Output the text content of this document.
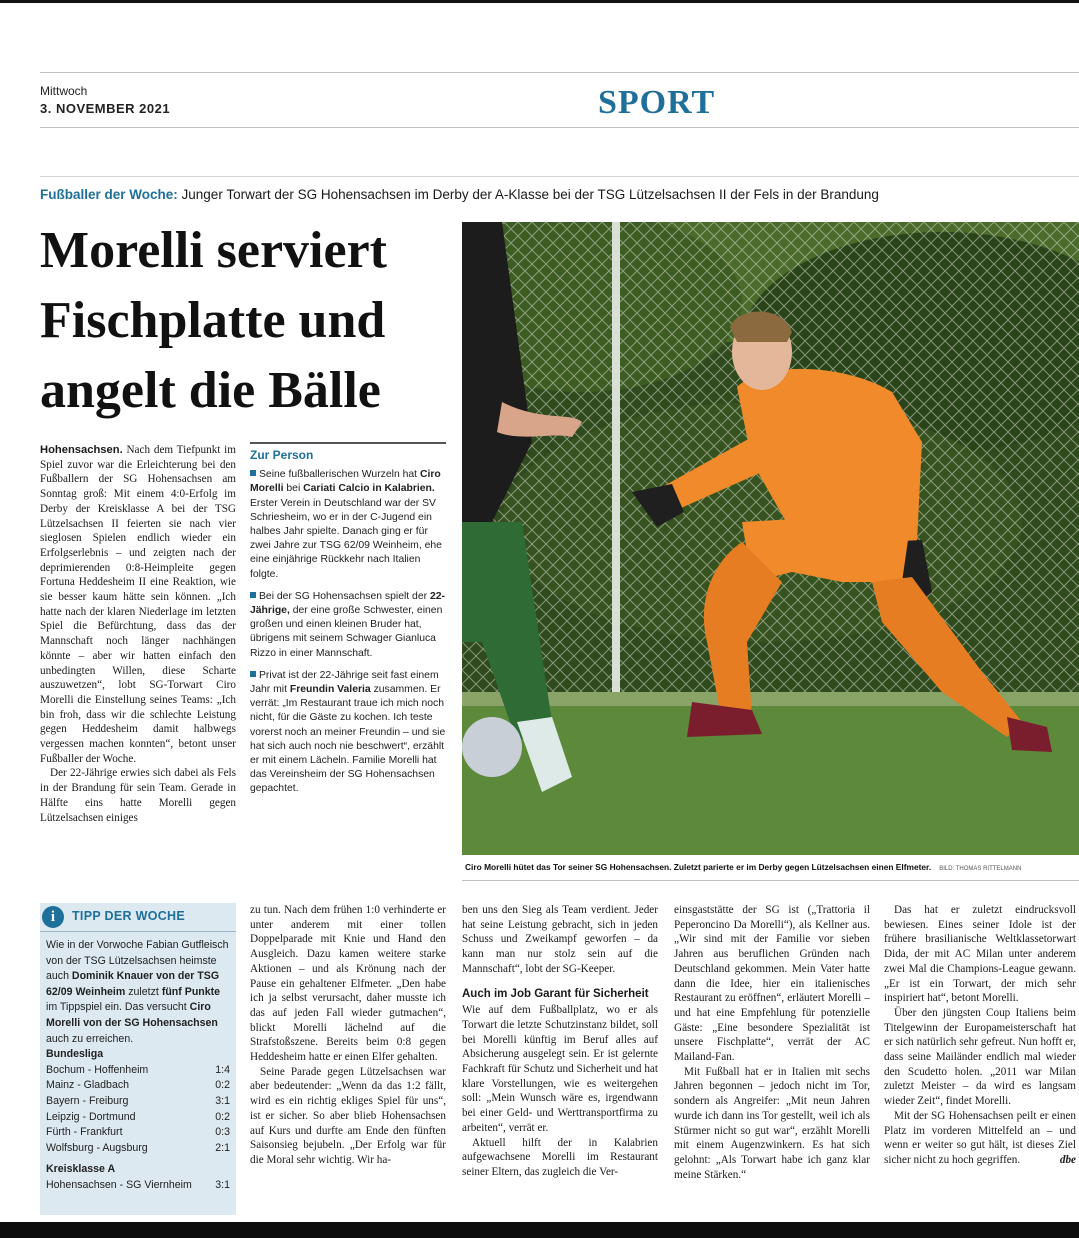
Mittwoch
3. NOVEMBER 2021	SPORT
Fußballer der Woche: Junger Torwart der SG Hohensachsen im Derby der A-Klasse bei der TSG Lützelsachsen II der Fels in der Brandung
Morelli serviert Fischplatte und angelt die Bälle

Hohensachsen. Nach dem Tiefpunkt im Spiel zuvor war die Erleichterung bei den Fußballern der SG Hohensachsen am Sonntag groß: Mit einem 4:0-Erfolg im Derby der Kreisklasse A bei der TSG Lützelsachsen II feierten sie nach vier sieglosen Spielen endlich wieder ein Erfolgserlebnis – und zeigten nach der deprimierenden 0:8-Heimpleite gegen Fortuna Heddesheim II eine Reaktion, wie sie besser kaum hätte sein können. „Ich hatte nach der klaren Niederlage im letzten Spiel die Befürchtung, dass das der Mannschaft noch länger nachhängen könnte – aber wir hatten einfach den unbedingten Willen, diese Scharte auszuwetzen“, lobt SG-Torwart Ciro Morelli die Einstellung seines Teams: „Ich bin froh, dass wir die schlechte Leistung gegen Heddesheim damit halbwegs vergessen machen konnten“, betont unser Fußballer der Woche.

Der 22-Jährige erwies sich dabei als Fels in der Brandung für sein Team. Gerade in Hälfte eins hatte Morelli gegen Lützelsachsen einiges

Zur Person

Seine fußballerischen Wurzeln hat Ciro Morelli bei Cariati Calcio in Kalabrien. Erster Verein in Deutschland war der SV Schriesheim, wo er in der C-Jugend ein halbes Jahr spielte. Danach ging er für zwei Jahre zur TSG 62/09 Weinheim, ehe eine einjährige Rückkehr nach Italien folgte.

Bei der SG Hohensachsen spielt der 22-Jährige, der eine große Schwester, einen großen und einen kleinen Bruder hat, übrigens mit seinem Schwager Gianluca Rizzo in einer Mannschaft.

Privat ist der 22-Jährige seit fast einem Jahr mit Freundin Valeria zusammen. Er verrät: „Im Restaurant traue ich mich noch nicht, für die Gäste zu kochen. Ich teste vorerst noch an meiner Freundin – und sie hat sich auch noch nie beschwert“, erzählt er mit einem Lächeln. Familie Morelli hat das Vereinsheim der SG Hohensachsen gepachtet.

Ciro Morelli hütet das Tor seiner SG Hohensachsen. Zuletzt parierte er im Derby gegen Lützelsachsen einen Elfmeter. BILD: THOMAS RITTELMANN
i	TIPP DER WOCHE
Wie in der Vorwoche Fabian Gutfleisch von der TSG Lützelsachsen heimste auch Dominik Knauer von der TSG 62/09 Weinheim zuletzt fünf Punkte im Tippspiel ein. Das versucht Ciro Morelli von der SG Hohensachsen auch zu erreichen.
Bundesliga
Bochum - Hoffenheim	1:4
Mainz - Gladbach	0:2
Bayern - Freiburg	3:1
Leipzig - Dortmund	0:2
Fürth - Frankfurt	0:3
Wolfsburg - Augsburg	2:1
Kreisklasse A
Hohensachsen - SG Viernheim 3:1

zu tun. Nach dem frühen 1:0 verhinderte er unter anderem mit einer tollen Doppelparade mit Knie und Hand den Ausgleich. Dazu kamen weitere starke Aktionen – und als Krönung nach der Pause ein gehaltener Elfmeter. „Den habe ich ja selbst verursacht, daher musste ich das auf jeden Fall wieder gutmachen“, blickt Morelli lächelnd auf die Strafstoßszene. Bereits beim 0:8 gegen Heddesheim hatte er einen Elfer gehalten.

Seine Parade gegen Lützelsachsen war aber bedeutender: „Wenn da das 1:2 fällt, wird es ein richtig ekliges Spiel für uns“, ist er sicher. So aber blieb Hohensachsen auf Kurs und durfte am Ende den fünften Saisonsieg bejubeln. „Der Erfolg war für die Moral sehr wichtig. Wir ha-

ben uns den Sieg als Team verdient. Jeder hat seine Leistung gebracht, sich in jeden Schuss und Zweikampf geworfen – da kann man nur stolz sein auf die Mannschaft“, lobt der SG-Keeper.

Auch im Job Garant für Sicherheit

Wie auf dem Fußballplatz, wo er als Torwart die letzte Schutzinstanz bildet, soll bei Morelli künftig im Beruf alles auf Absicherung ausgelegt sein. Er ist gelernte Fachkraft für Schutz und Sicherheit und hat klare Vorstellungen, wie es weitergehen soll: „Mein Wunsch wäre es, irgendwann bei einer Geld- und Werttransportfirma zu arbeiten“, verrät er.

Aktuell hilft der in Kalabrien aufgewachsene Morelli im Restaurant seiner Eltern, das zugleich die Ver-

einsgaststätte der SG ist („Trattoria il Peperoncino Da Morelli“), als Kellner aus. „Wir sind mit der Familie vor sieben Jahren aus beruflichen Gründen nach Deutschland gekommen. Mein Vater hatte dann die Idee, hier ein italienisches Restaurant zu eröffnen“, erläutert Morelli – und hat eine Empfehlung für potenzielle Gäste: „Eine besondere Spezialität ist unsere Fischplatte“, verrät der AC Mailand-Fan.

Mit Fußball hat er in Italien mit sechs Jahren begonnen – jedoch nicht im Tor, sondern als Angreifer: „Mit neun Jahren wurde ich dann ins Tor gestellt, weil ich als Stürmer nicht so gut war“, erzählt Morelli mit einem Augenzwinkern. Es hat sich gelohnt: „Als Torwart habe ich ganz klar meine Stärken.“

Das hat er zuletzt eindrucksvoll bewiesen. Eines seiner Idole ist der frühere brasilianische Weltklassetorwart Dida, der mit AC Milan unter anderem zwei Mal die Champions-League gewann. „Er ist ein Torwart, der mich sehr inspiriert hat“, betont Morelli.

Über den jüngsten Coup Italiens beim Titelgewinn der Europameisterschaft hat er sich natürlich sehr gefreut. Nun hofft er, dass seine Mailänder endlich mal wieder den Scudetto holen. „2011 war Milan zuletzt Meister – da wird es langsam wieder Zeit“, findet Morelli.

Mit der SG Hohensachsen peilt er einen Platz im vorderen Mittelfeld an – und wenn er weiter so gut hält, ist dieses Ziel sicher nicht zu hoch gegriffen.	dbe
